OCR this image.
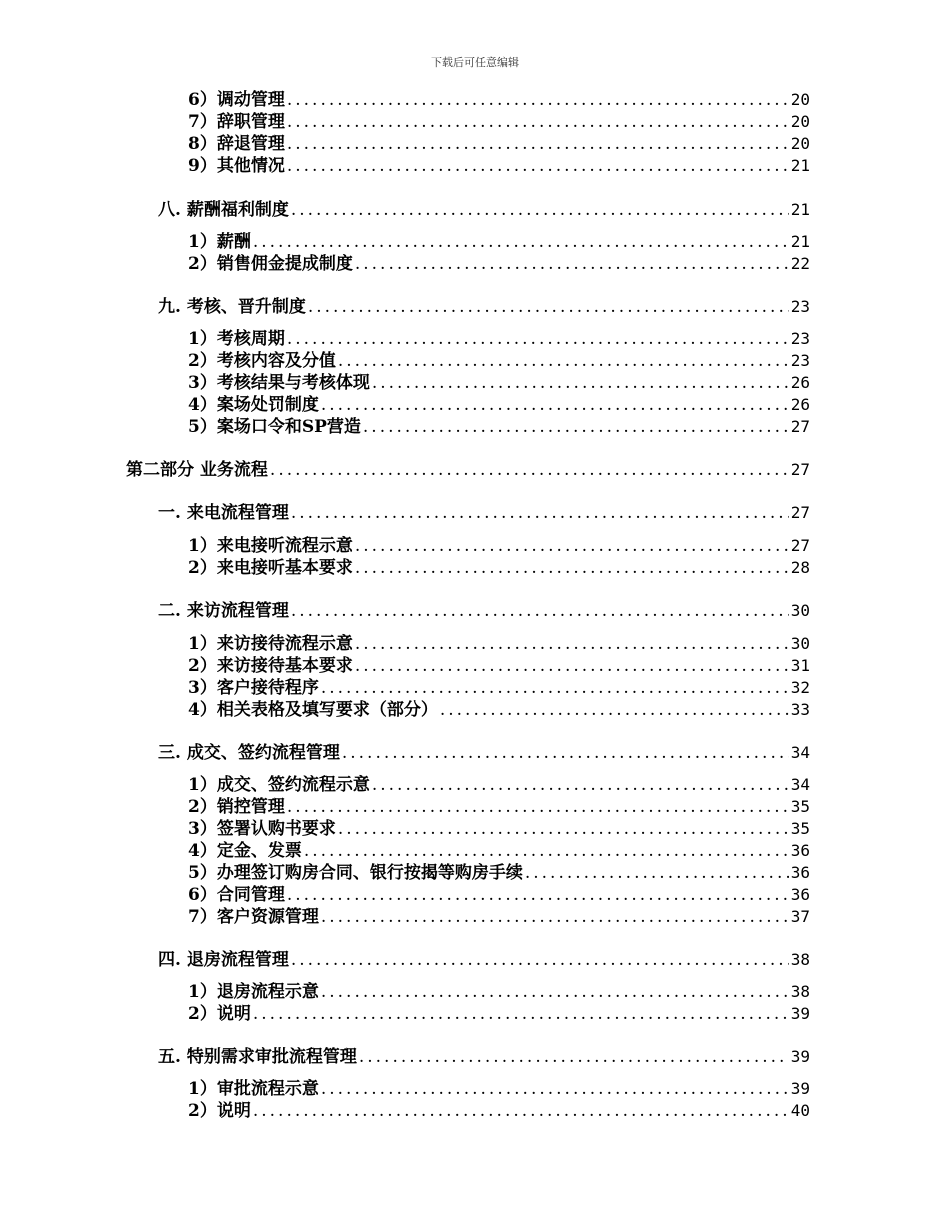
下载后可任意编辑
6）调动管理 .....	20
7）辞职管理 .....	20
8）辞退管理 .....	20
9）其他情况 .....	21
八. 薪酬福利制度 .....	21
1）薪酬 .....	21
2）销售佣金提成制度 .....	22
九. 考核、晋升制度 .....	23
1）考核周期 .....	23
2）考核内容及分值 .....	23
3）考核结果与考核体现 .....	26
4）案场处罚制度 .....	26
5）案场口令和SP营造 .....	27
第二部分 业务流程 .....	27
一. 来电流程管理 .....	27
1）来电接听流程示意 .....	27
2）来电接听基本要求 .....	28
二. 来访流程管理 .....	30
1）来访接待流程示意 .....	30
2）来访接待基本要求 .....	31
3）客户接待程序 .....	32
4）相关表格及填写要求（部分） .....	33
三. 成交、签约流程管理 .....	34
1）成交、签约流程示意 .....	34
2）销控管理 .....	35
3）签署认购书要求 .....	35
4）定金、发票 .....	36
5）办理签订购房合同、银行按揭等购房手续 .....	36
6）合同管理 .....	36
7）客户资源管理 .....	37
四. 退房流程管理 .....	38
1）退房流程示意 .....	38
2）说明 .....	39
五. 特别需求审批流程管理 .....	39
1）审批流程示意 .....	39
2）说明 .....	40
